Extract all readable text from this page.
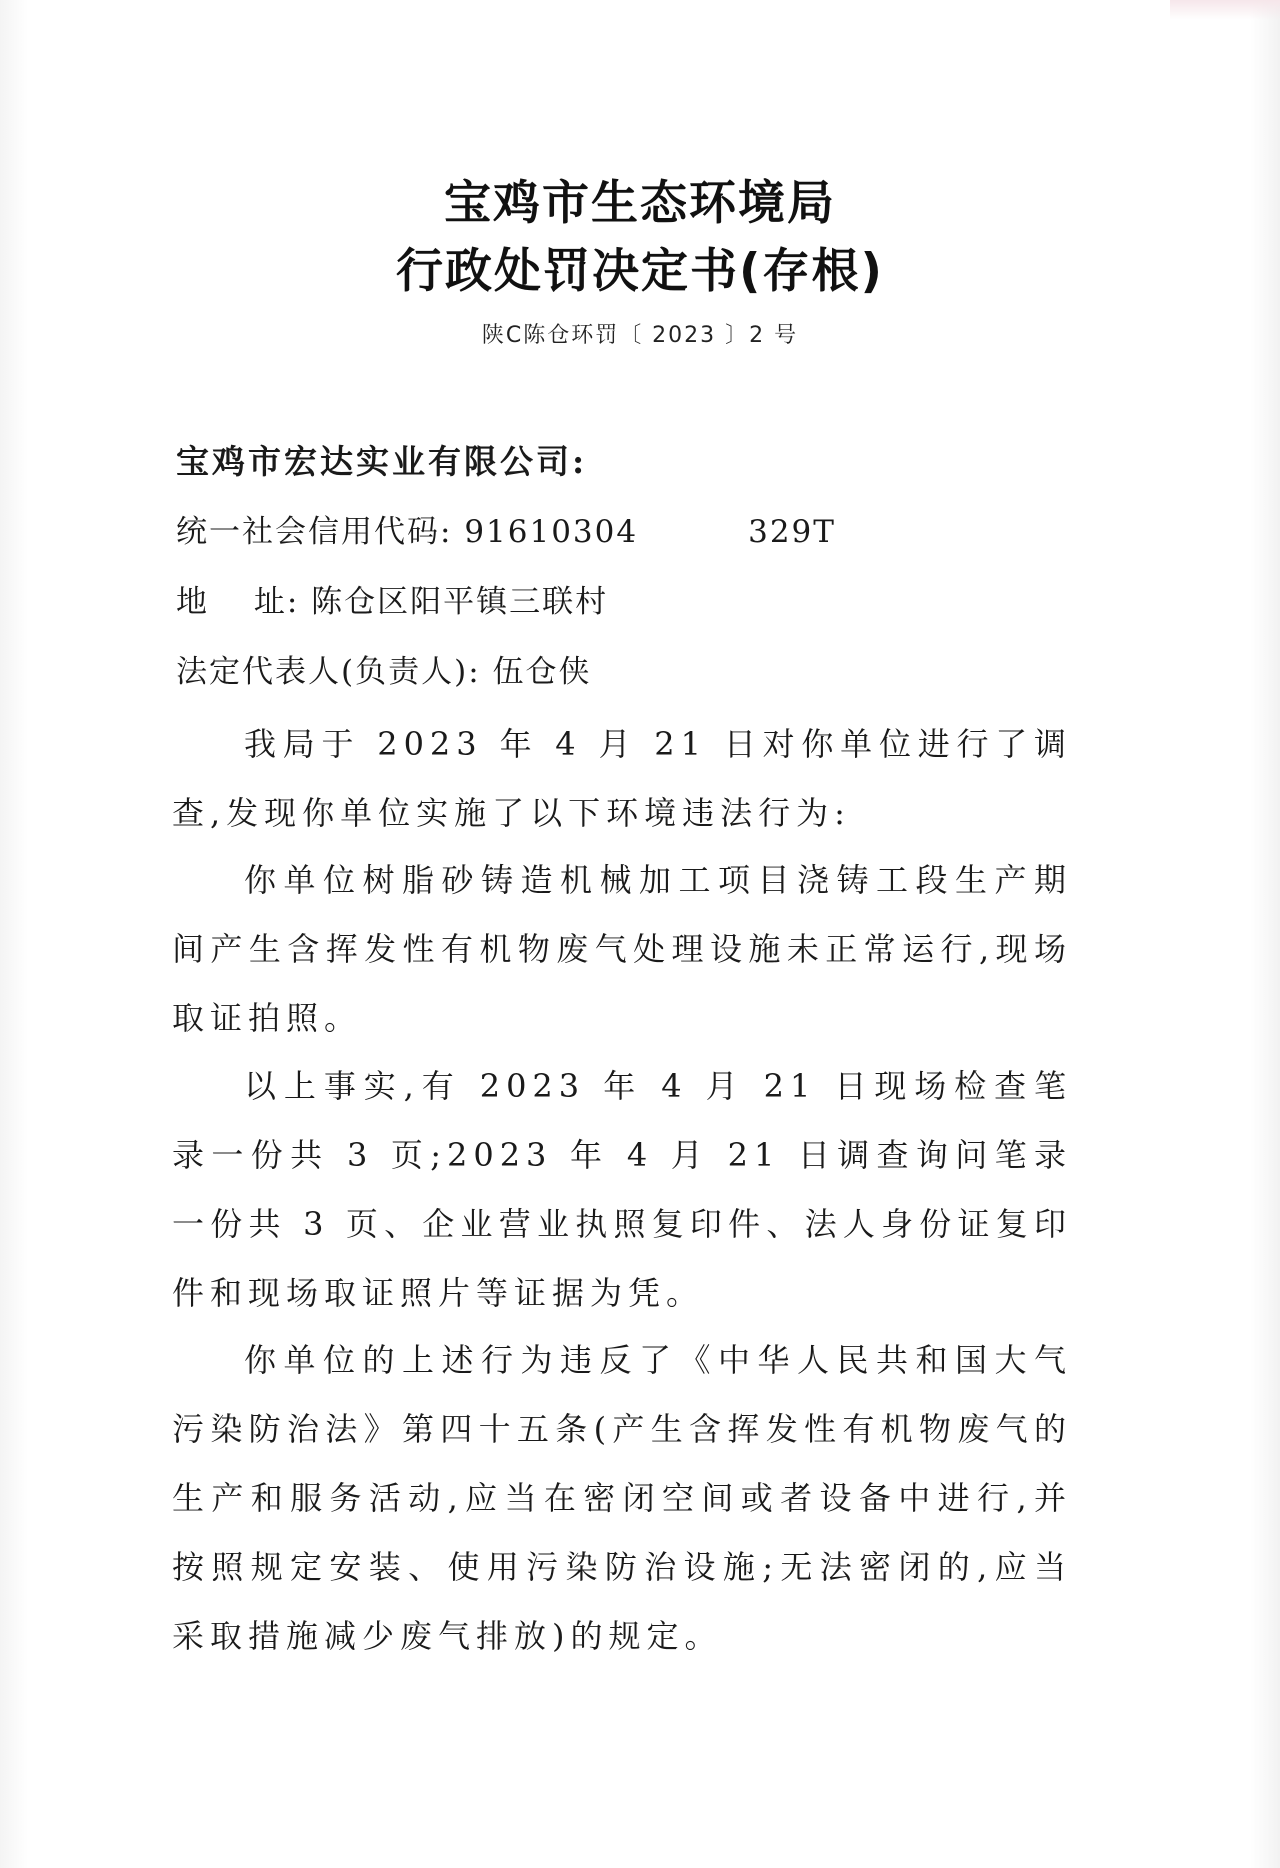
宝鸡市生态环境局
行政处罚决定书(存根)
陕C陈仓环罚〔 2023 〕2 号
宝鸡市宏达实业有限公司:
统一社会信用代码: 91610304	329T
地　 址: 陈仓区阳平镇三联村
法定代表人(负责人): 伍仓侠

我局于 2023 年 4 月 21 日对你单位进行了调查,发现你单位实施了以下环境违法行为:

你单位树脂砂铸造机械加工项目浇铸工段生产期间产生含挥发性有机物废气处理设施未正常运行,现场取证拍照。

以上事实,有 2023 年 4 月 21 日现场检查笔录一份共 3 页;2023 年 4 月 21 日调查询问笔录一份共 3 页、企业营业执照复印件、法人身份证复印件和现场取证照片等证据为凭。

你单位的上述行为违反了《中华人民共和国大气污染防治法》第四十五条(产生含挥发性有机物废气的生产和服务活动,应当在密闭空间或者设备中进行,并按照规定安装、使用污染防治设施;无法密闭的,应当采取措施减少废气排放)的规定。
